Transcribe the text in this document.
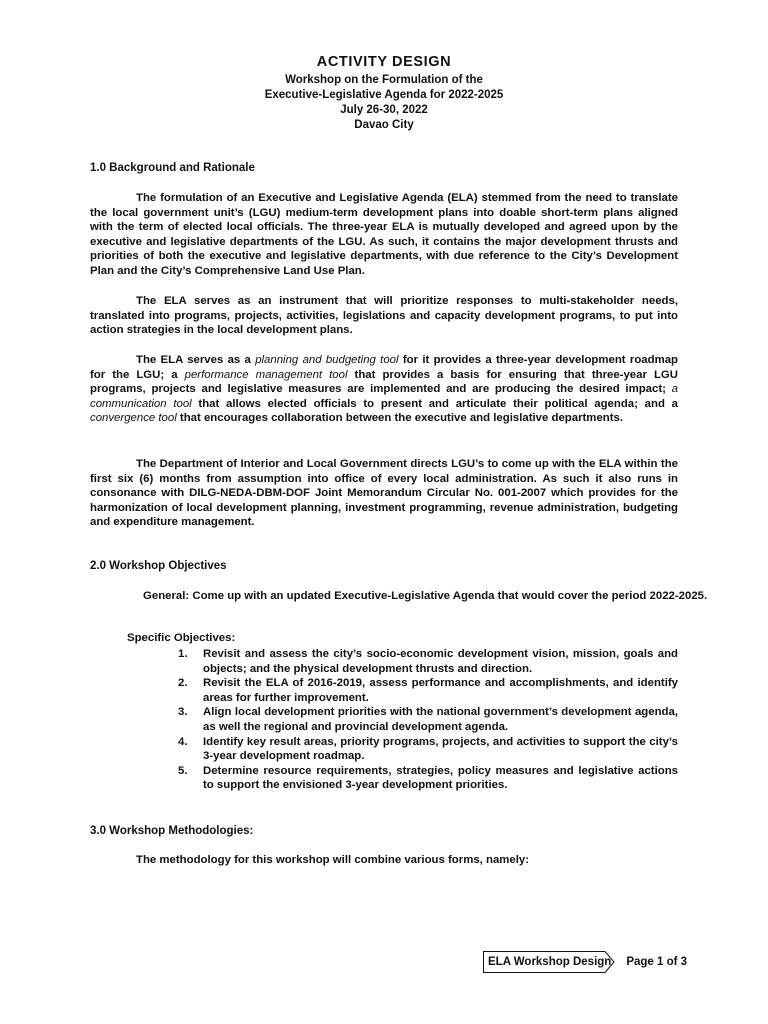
ACTIVITY DESIGN
Workshop on the Formulation of the
Executive-Legislative Agenda for 2022-2025
July 26-30, 2022
Davao City

1.0 Background and Rationale

The formulation of an Executive and Legislative Agenda (ELA) stemmed from the need to translate the local government unit’s (LGU) medium-term development plans into doable short-term plans aligned with the term of elected local officials. The three-year ELA is mutually developed and agreed upon by the executive and legislative departments of the LGU. As such, it contains the major development thrusts and priorities of both the executive and legislative departments, with due reference to the City’s Development Plan and the City’s Comprehensive Land Use Plan.

The ELA serves as an instrument that will prioritize responses to multi-stakeholder needs, translated into programs, projects, activities, legislations and capacity development programs, to put into action strategies in the local development plans.

The ELA serves as a planning and budgeting tool for it provides a three-year development roadmap for the LGU; a performance management tool that provides a basis for ensuring that three-year LGU programs, projects and legislative measures are implemented and are producing the desired impact; a communication tool that allows elected officials to present and articulate their political agenda; and a convergence tool that encourages collaboration between the executive and legislative departments.

The Department of Interior and Local Government directs LGU’s to come up with the ELA within the first six (6) months from assumption into office of every local administration. As such it also runs in consonance with DILG-NEDA-DBM-DOF Joint Memorandum Circular No. 001-2007 which provides for the harmonization of local development planning, investment programming, revenue administration, budgeting and expenditure management.

2.0 Workshop Objectives

General: Come up with an updated Executive-Legislative Agenda that would cover the period 2022-2025.

Specific Objectives:

1. Revisit and assess the city’s socio-economic development vision, mission, goals and objects; and the physical development thrusts and direction.
2. Revisit the ELA of 2016-2019, assess performance and accomplishments, and identify areas for further improvement.
3. Align local development priorities with the national government’s development agenda, as well the regional and provincial development agenda.
4. Identify key result areas, priority programs, projects, and activities to support the city’s 3-year development roadmap.
5. Determine resource requirements, strategies, policy measures and legislative actions to support the envisioned 3-year development priorities.

3.0 Workshop Methodologies:

The methodology for this workshop will combine various forms, namely:

ELA Workshop Design	Page 1 of 3
